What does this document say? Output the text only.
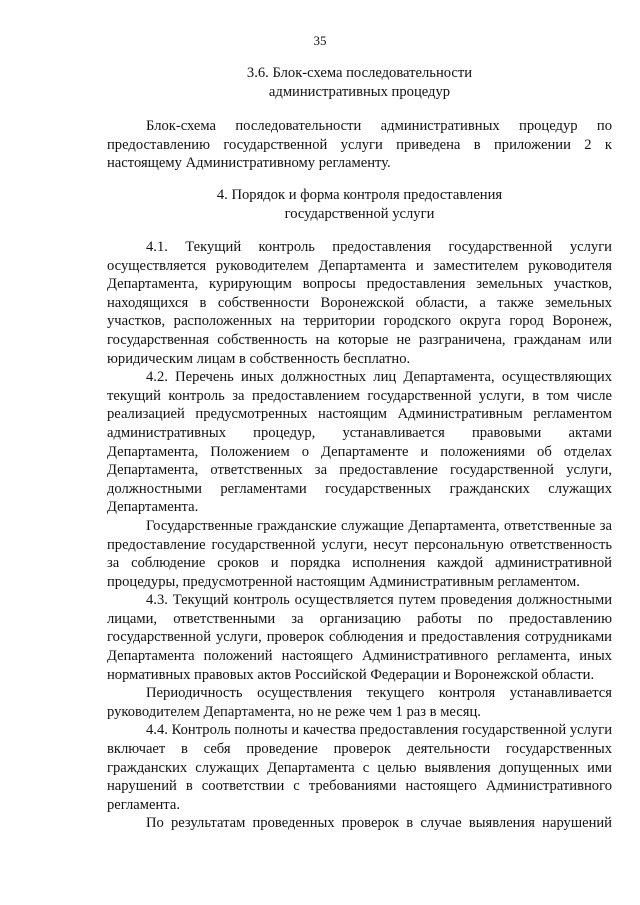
35
3.6. Блок-схема последовательности
административных процедур

Блок-схема последовательности административных процедур по предоставлению государственной услуги приведена в приложении 2 к настоящему Административному регламенту.

4. Порядок и форма контроля предоставления
государственной услуги

4.1. Текущий контроль предоставления государственной услуги осуществляется руководителем Департамента и заместителем руководителя Департамента, курирующим вопросы предоставления земельных участков, находящихся в собственности Воронежской области, а также земельных участков, расположенных на территории городского округа город Воронеж, государственная собственность на которые не разграничена, гражданам или юридическим лицам в собственность бесплатно.

4.2. Перечень иных должностных лиц Департамента, осуществляющих текущий контроль за предоставлением государственной услуги, в том числе реализацией предусмотренных настоящим Административным регламентом административных процедур, устанавливается правовыми актами Департамента, Положением о Департаменте и положениями об отделах Департамента, ответственных за предоставление государственной услуги, должностными регламентами государственных гражданских служащих Департамента.

Государственные гражданские служащие Департамента, ответственные за предоставление государственной услуги, несут персональную ответственность за соблюдение сроков и порядка исполнения каждой административной процедуры, предусмотренной настоящим Административным регламентом.

4.3. Текущий контроль осуществляется путем проведения должностными лицами, ответственными за организацию работы по предоставлению государственной услуги, проверок соблюдения и предоставления сотрудниками Департамента положений настоящего Административного регламента, иных нормативных правовых актов Российской Федерации и Воронежской области.

Периодичность осуществления текущего контроля устанавливается руководителем Департамента, но не реже чем 1 раз в месяц.

4.4. Контроль полноты и качества предоставления государственной услуги включает в себя проведение проверок деятельности государственных гражданских служащих Департамента с целью выявления допущенных ими нарушений в соответствии с требованиями настоящего Административного регламента.

По результатам проведенных проверок в случае выявления нарушений
